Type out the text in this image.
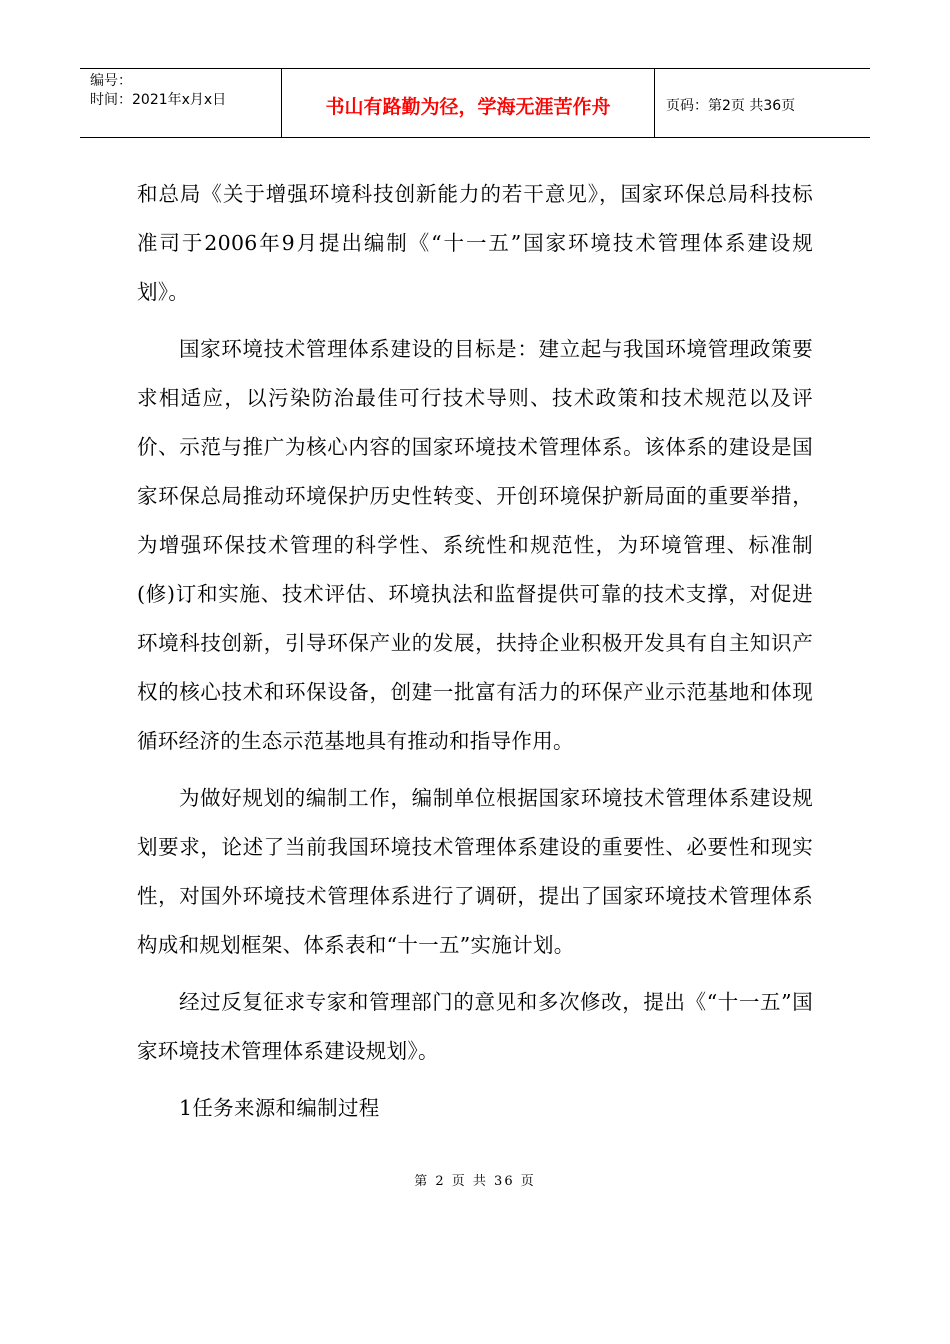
编号：
时间：2021年x月x日	书山有路勤为径，学海无涯苦作舟	页码：第2页 共36页

和总局《关于增强环境科技创新能力的若干意见》，国家环保总局科技标准司于2006年9月提出编制《“十一五”国家环境技术管理体系建设规划》。

国家环境技术管理体系建设的目标是：建立起与我国环境管理政策要求相适应，以污染防治最佳可行技术导则、技术政策和技术规范以及评价、示范与推广为核心内容的国家环境技术管理体系。该体系的建设是国家环保总局推动环境保护历史性转变、开创环境保护新局面的重要举措，为增强环保技术管理的科学性、系统性和规范性，为环境管理、标准制(修)订和实施、技术评估、环境执法和监督提供可靠的技术支撑，对促进环境科技创新，引导环保产业的发展，扶持企业积极开发具有自主知识产权的核心技术和环保设备，创建一批富有活力的环保产业示范基地和体现循环经济的生态示范基地具有推动和指导作用。

为做好规划的编制工作，编制单位根据国家环境技术管理体系建设规划要求，论述了当前我国环境技术管理体系建设的重要性、必要性和现实性，对国外环境技术管理体系进行了调研，提出了国家环境技术管理体系构成和规划框架、体系表和“十一五”实施计划。

经过反复征求专家和管理部门的意见和多次修改，提出《“十一五”国家环境技术管理体系建设规划》。

1任务来源和编制过程

第 2 页 共 36 页
